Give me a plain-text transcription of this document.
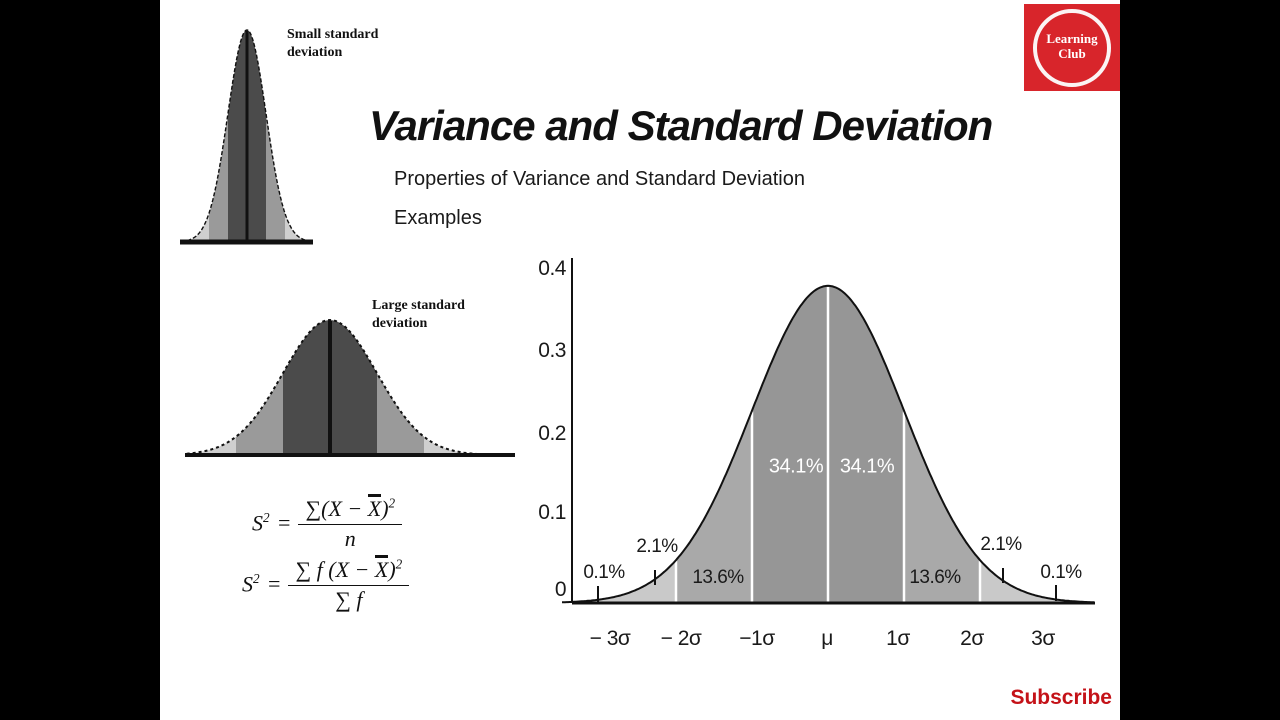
Variance and Standard Deviation
Properties of Variance and Standard Deviation
Examples
Learning
Club
Small standard
deviation
Large standard
deviation
$S^2 = \frac{\sum(X - X)^2}{n}$
$S^2 = \frac{\sum f (X - X)^2}{\sum f}$
0.4
0.3
0.2
0.1
0
− 3σ − 2σ −1σ μ	1σ 2σ 3σ
0.1%
2.1%
13.6%
34.1% 34.1%
13.6%
2.1%
0.1%
Subscribe
